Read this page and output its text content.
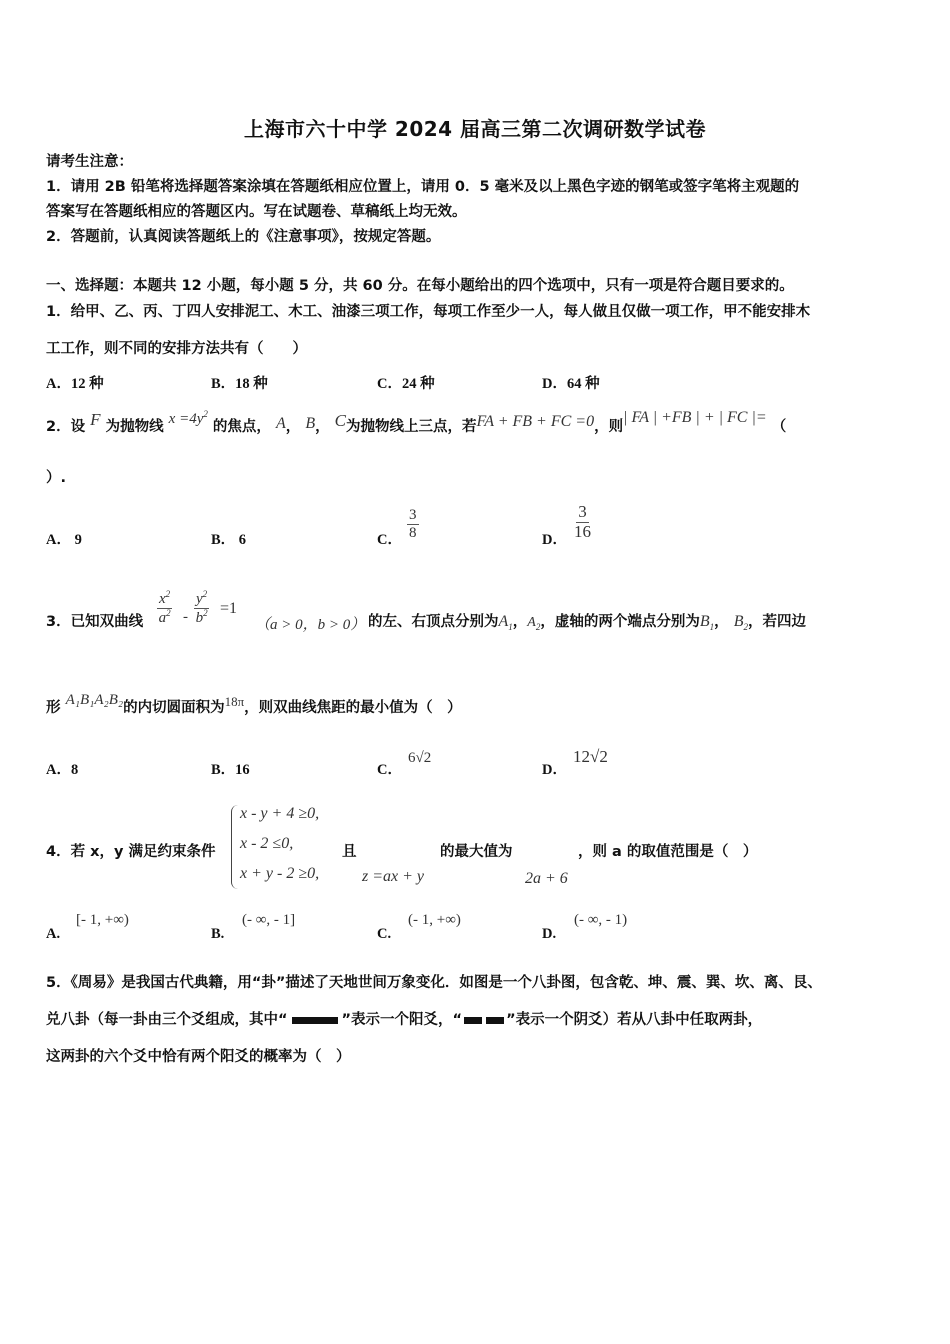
上海市六十中学 2024 届高三第二次调研数学试卷
请考生注意：
1．请用 2B 铅笔将选择题答案涂填在答题纸相应位置上，请用 0．5 毫米及以上黑色字迹的钢笔或签字笔将主观题的
答案写在答题纸相应的答题区内。写在试题卷、草稿纸上均无效。
2．答题前，认真阅读答题纸上的《注意事项》，按规定答题。
一、选择题：本题共 12 小题，每小题 5 分，共 60 分。在每小题给出的四个选项中，只有一项是符合题目要求的。
1．给甲、乙、丙、丁四人安排泥工、木工、油漆三项工作，每项工作至少一人，每人做且仅做一项工作，甲不能安排木
工工作，则不同的安排方法共有（　　）
A．12 种	B．18 种	C．24 种	D．64 种
2．设 F 为抛物线 $x =4y^2$ 的焦点， A， B， C为抛物线上三点，若FA + FB + FC =0，则| FA | +FB | + | FC |= （
）.
A． 9	B． 6	C． $\frac{3}{8}$	D． $\frac{3}{16}$
3．已知双曲线 $\frac{x^2}{a^2} - \frac{y^2}{b^2} =1$
（a > 0，b > 0） 的左、右顶点分别为$A_1$，$A_2$，虚轴的两个端点分别为$B_1$， $B_2$，若四边
形 A₁B₁A₂B₂的内切圆面积为18π，则双曲线焦距的最小值为（　）
A．8	B．16	C．
6√2
D．
12√2
4．若 x，y 满足约束条件
x - y + 4 ≥0,
x - 2 ≤0,
x + y - 2 ≥0,
且
z =ax + y
的最大值为
2a + 6
，则 a 的取值范围是（　）
A.
[- 1, +∞)
B.
(- ∞, - 1]
C.
(- 1, +∞)
D.
(- ∞, - 1)
5．《周易》是我国古代典籍，用“卦”描述了天地世间万象变化．如图是一个八卦图，包含乾、坤、震、巽、坎、离、艮、
兑八卦（每一卦由三个爻组成，其中“	”表示一个阳爻，“	”表示一个阴爻）若从八卦中任取两卦，
这两卦的六个爻中恰有两个阳爻的概率为（　）
